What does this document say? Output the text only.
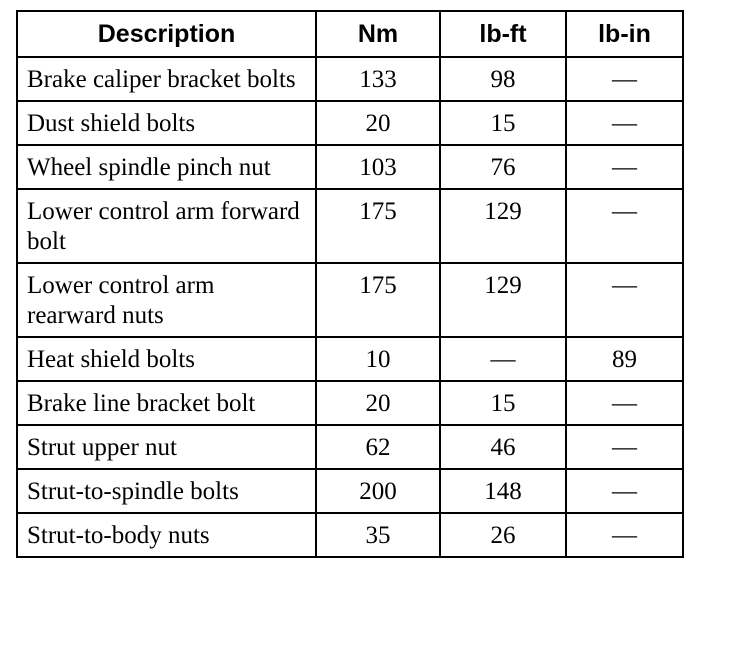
Description	Nm	lb-ft	lb-in
Brake caliper bracket bolts	133	98	—
Dust shield bolts	20	15	—
Wheel spindle pinch nut	103	76	—
Lower control arm forward bolt	175	129	—
Lower control arm rearward nuts	175	129	—
Heat shield bolts	10	—	89
Brake line bracket bolt	20	15	—
Strut upper nut	62	46	—
Strut-to-spindle bolts	200	148	—
Strut-to-body nuts	35	26	—
